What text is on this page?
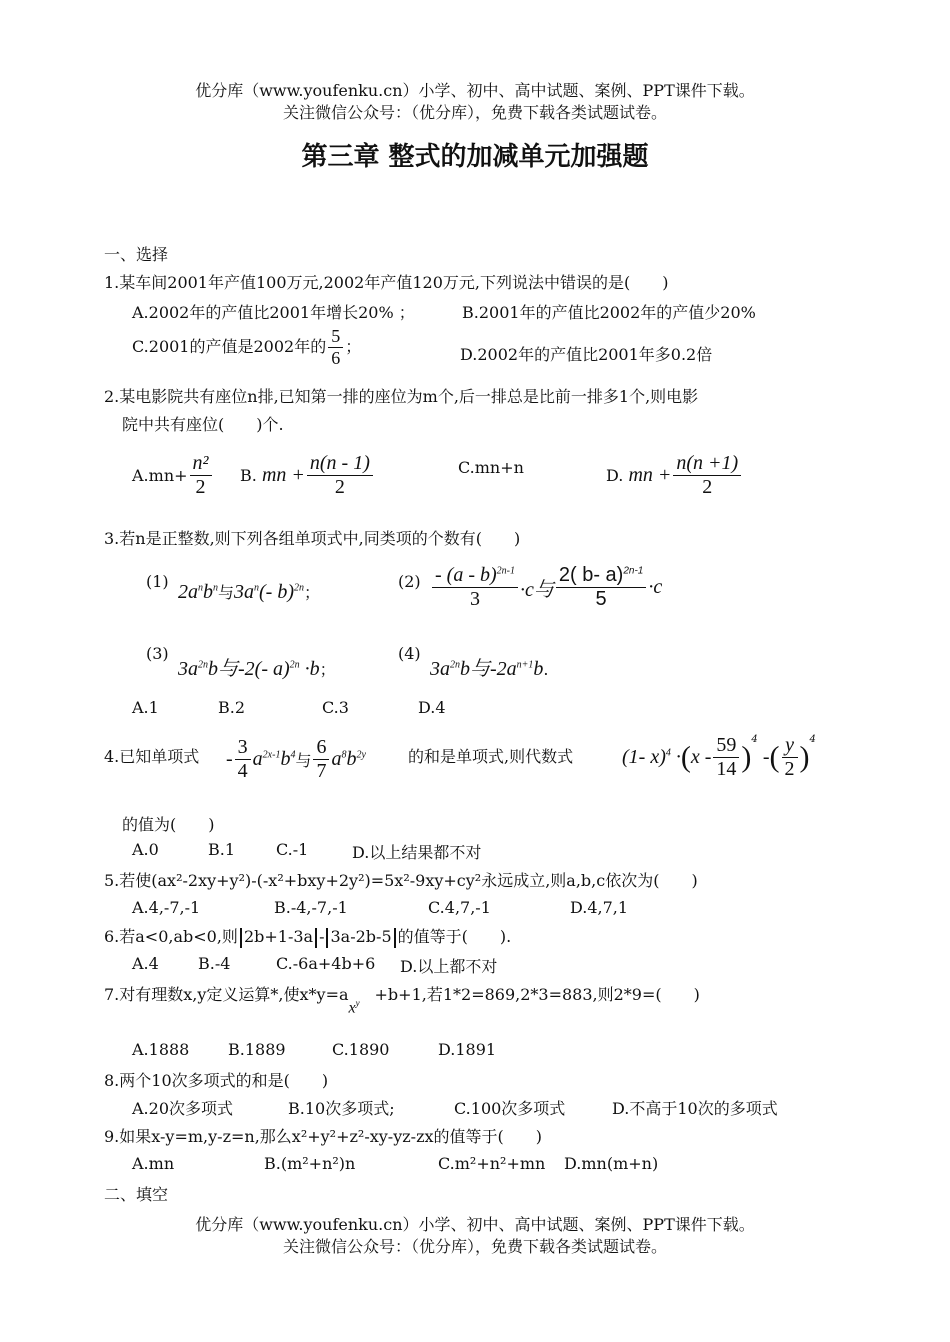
优分库（www.youfenku.cn）小学、初中、高中试题、案例、PPT课件下载。
关注微信公众号：（优分库），免费下载各类试题试卷。
第三章 整式的加减单元加强题
一、选择
1.某车间2001年产值100万元,2002年产值120万元,下列说法中错误的是(　　)
A.2002年的产值比2001年增长20% ；	B.2001年的产值比2002年的产值少20%
C.2001的产值是2002年的 $\frac{5}{6}$ ；	D.2002年的产值比2001年多0.2倍
2.某电影院共有座位n排,已知第一排的座位为m个,后一排总是比前一排多1个,则电影
院中共有座位(　　)个.
$A.mn+ \frac{\text{n²}}{2} B$. mn + $\frac{n(n - 1)}{2}$	C.mn+n	D. mn + $\frac{n(n +1)}{2}$
3.若n是正整数,则下列各组单项式中,同类项的个数有(　　)
(1) $2a^nb^n$与$3a^n(-$ b)$^{2n}$；
$(2) \frac{- (a - b)^{2n-1}}{3} \cdot c$与 $\frac{2( b- a)^{2n-1}}{5} \cdot c$
(3)
$3a^{2n}b$与-2(- a)$^{2n}$ ·b；
(4)
$3a^{2n}b$与$-2a^{n+1}b$.
A.1	B.2	C.3	D.4
4.已知单项式 - $\frac{3}{4} a^{2x-1}b^4$与 $\frac{6}{7} a^8b^{2y}$	的和是单项式,则代数式 (1- $x)^4 \cdot(x - \frac{59}{14} )^4$ -( $\frac{y}{2} )^4$
的值为(　　)
A.0	B.1	C.-1	D.以上结果都不对
5.若使(ax²-2xy+y²)-(-x²+bxy+2y²)=5x²-9xy+cy²永远成立,则a,b,c依次为(　　)
A.4,-7,-1	B.-4,-7,-1	C.4,7,-1	D.4,7,1
6.若a<0,ab<0,则 2b+1-3a - 3a-2b-5 的值等于(　　).
A.4 B.-4	C.-6a+4b+6 D.以上都不对
7.对有理数x,y定义运算*,使x*y=a
$x^y +b+1$,若1*2=869,2*3=883,则2*9=(　　)
A.1888 B.1889	C.1890	D.1891
8.两个10次多项式的和是(　　)
A.20次多项式	B.10次多项式;	C.100次多项式	D.不高于10次的多项式
9.如果x-y=m,y-z=n,那么x²+y²+z²-xy-yz-zx的值等于(　　)
A.mn	B.(m²+n²)n	C.m²+n²+mn D.mn(m+n)
二、填空
优分库（www.youfenku.cn）小学、初中、高中试题、案例、PPT课件下载。
关注微信公众号：（优分库），免费下载各类试题试卷。
